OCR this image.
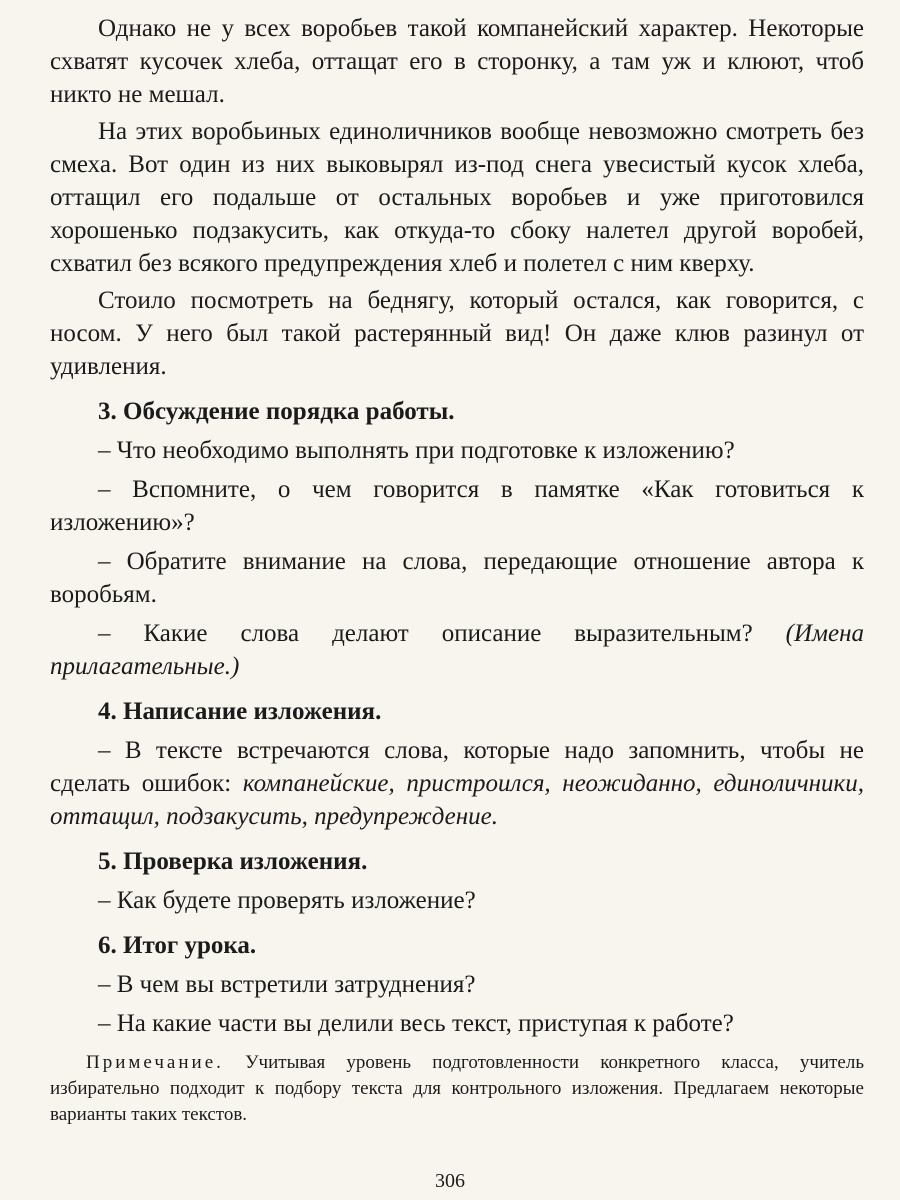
Однако не у всех воробьев такой компанейский характер. Некоторые схватят кусочек хлеба, оттащат его в сторонку, а там уж и клюют, чтоб никто не мешал.

На этих воробьиных единоличников вообще невозможно смотреть без смеха. Вот один из них выковырял из-под снега увесистый кусок хлеба, оттащил его подальше от остальных воробьев и уже приготовился хорошенько подзакусить, как откуда-то сбоку налетел другой воробей, схватил без всякого предупреждения хлеб и полетел с ним кверху.

Стоило посмотреть на беднягу, который остался, как говорится, с носом. У него был такой растерянный вид! Он даже клюв разинул от удивления.

3. Обсуждение порядка работы.

– Что необходимо выполнять при подготовке к изложению?

– Вспомните, о чем говорится в памятке «Как готовиться к изложению»?

– Обратите внимание на слова, передающие отношение автора к воробьям.

– Какие слова делают описание выразительным? (Имена прилагательные.)

4. Написание изложения.

– В тексте встречаются слова, которые надо запомнить, чтобы не сделать ошибок: компанейские, пристроился, неожиданно, единоличники, оттащил, подзакусить, предупреждение.

5. Проверка изложения.

– Как будете проверять изложение?

6. Итог урока.

– В чем вы встретили затруднения?

– На какие части вы делили весь текст, приступая к работе?

Примечание. Учитывая уровень подготовленности конкретного класса, учитель избирательно подходит к подбору текста для контрольного изложения. Предлагаем некоторые варианты таких текстов.

306
